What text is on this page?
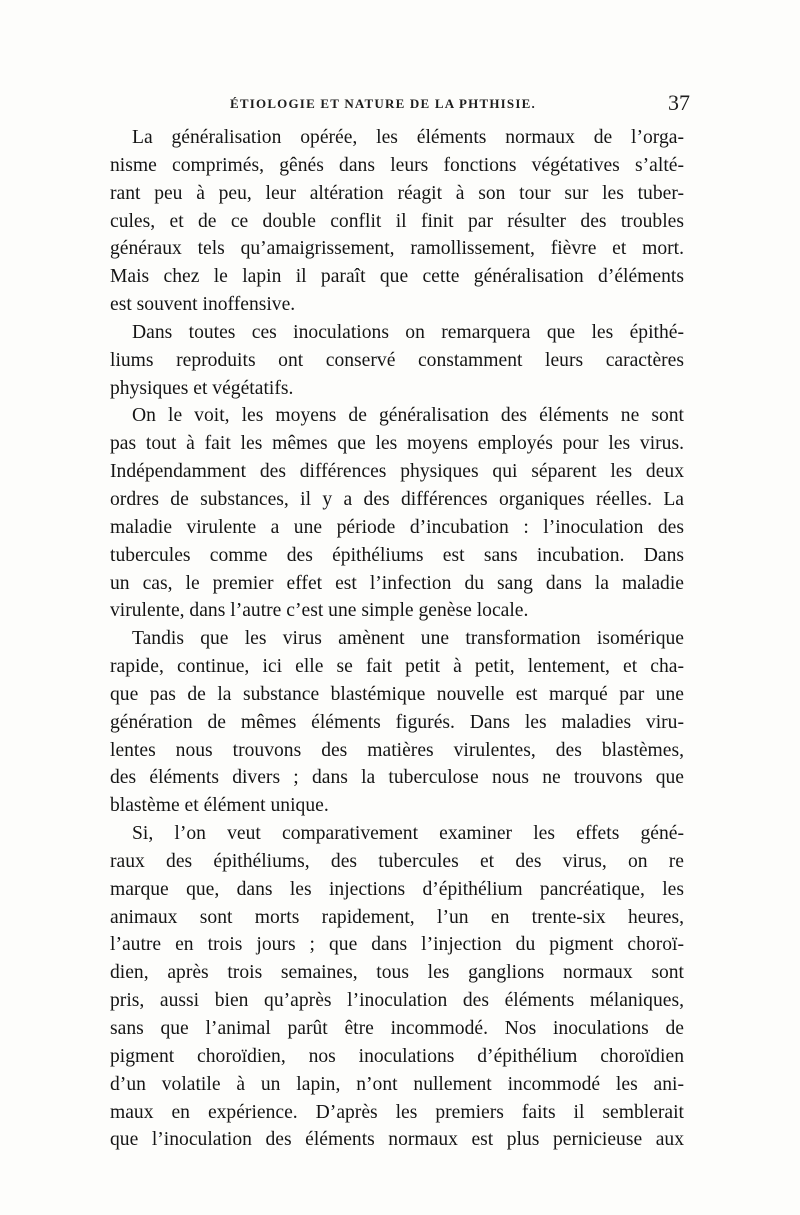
ÉTIOLOGIE ET NATURE DE LA PHTHISIE.	37
La généralisation opérée, les éléments normaux de l’orga-
nisme comprimés, gênés dans leurs fonctions végétatives s’alté-
rant peu à peu, leur altération réagit à son tour sur les tuber-
cules, et de ce double conflit il finit par résulter des troubles
généraux tels qu’amaigrissement, ramollissement, fièvre et mort.
Mais chez le lapin il paraît que cette généralisation d’éléments
est souvent inoffensive.
Dans toutes ces inoculations on remarquera que les épithé-
liums reproduits ont conservé constamment leurs caractères
physiques et végétatifs.
On le voit, les moyens de généralisation des éléments ne sont
pas tout à fait les mêmes que les moyens employés pour les virus.
Indépendamment des différences physiques qui séparent les deux
ordres de substances, il y a des différences organiques réelles. La
maladie virulente a une période d’incubation : l’inoculation des
tubercules comme des épithéliums est sans incubation. Dans
un cas, le premier effet est l’infection du sang dans la maladie
virulente, dans l’autre c’est une simple genèse locale.
Tandis que les virus amènent une transformation isomérique
rapide, continue, ici elle se fait petit à petit, lentement, et cha-
que pas de la substance blastémique nouvelle est marqué par une
génération de mêmes éléments figurés. Dans les maladies viru-
lentes nous trouvons des matières virulentes, des blastèmes,
des éléments divers ; dans la tuberculose nous ne trouvons que
blastème et élément unique.
Si, l’on veut comparativement examiner les effets géné-
raux des épithéliums, des tubercules et des virus, on re
marque que, dans les injections d’épithélium pancréatique, les
animaux sont morts rapidement, l’un en trente-six heures,
l’autre en trois jours ; que dans l’injection du pigment choroï-
dien, après trois semaines, tous les ganglions normaux sont
pris, aussi bien qu’après l’inoculation des éléments mélaniques,
sans que l’animal parût être incommodé. Nos inoculations de
pigment choroïdien, nos inoculations d’épithélium choroïdien
d’un volatile à un lapin, n’ont nullement incommodé les ani-
maux en expérience. D’après les premiers faits il semblerait
que l’inoculation des éléments normaux est plus pernicieuse aux
